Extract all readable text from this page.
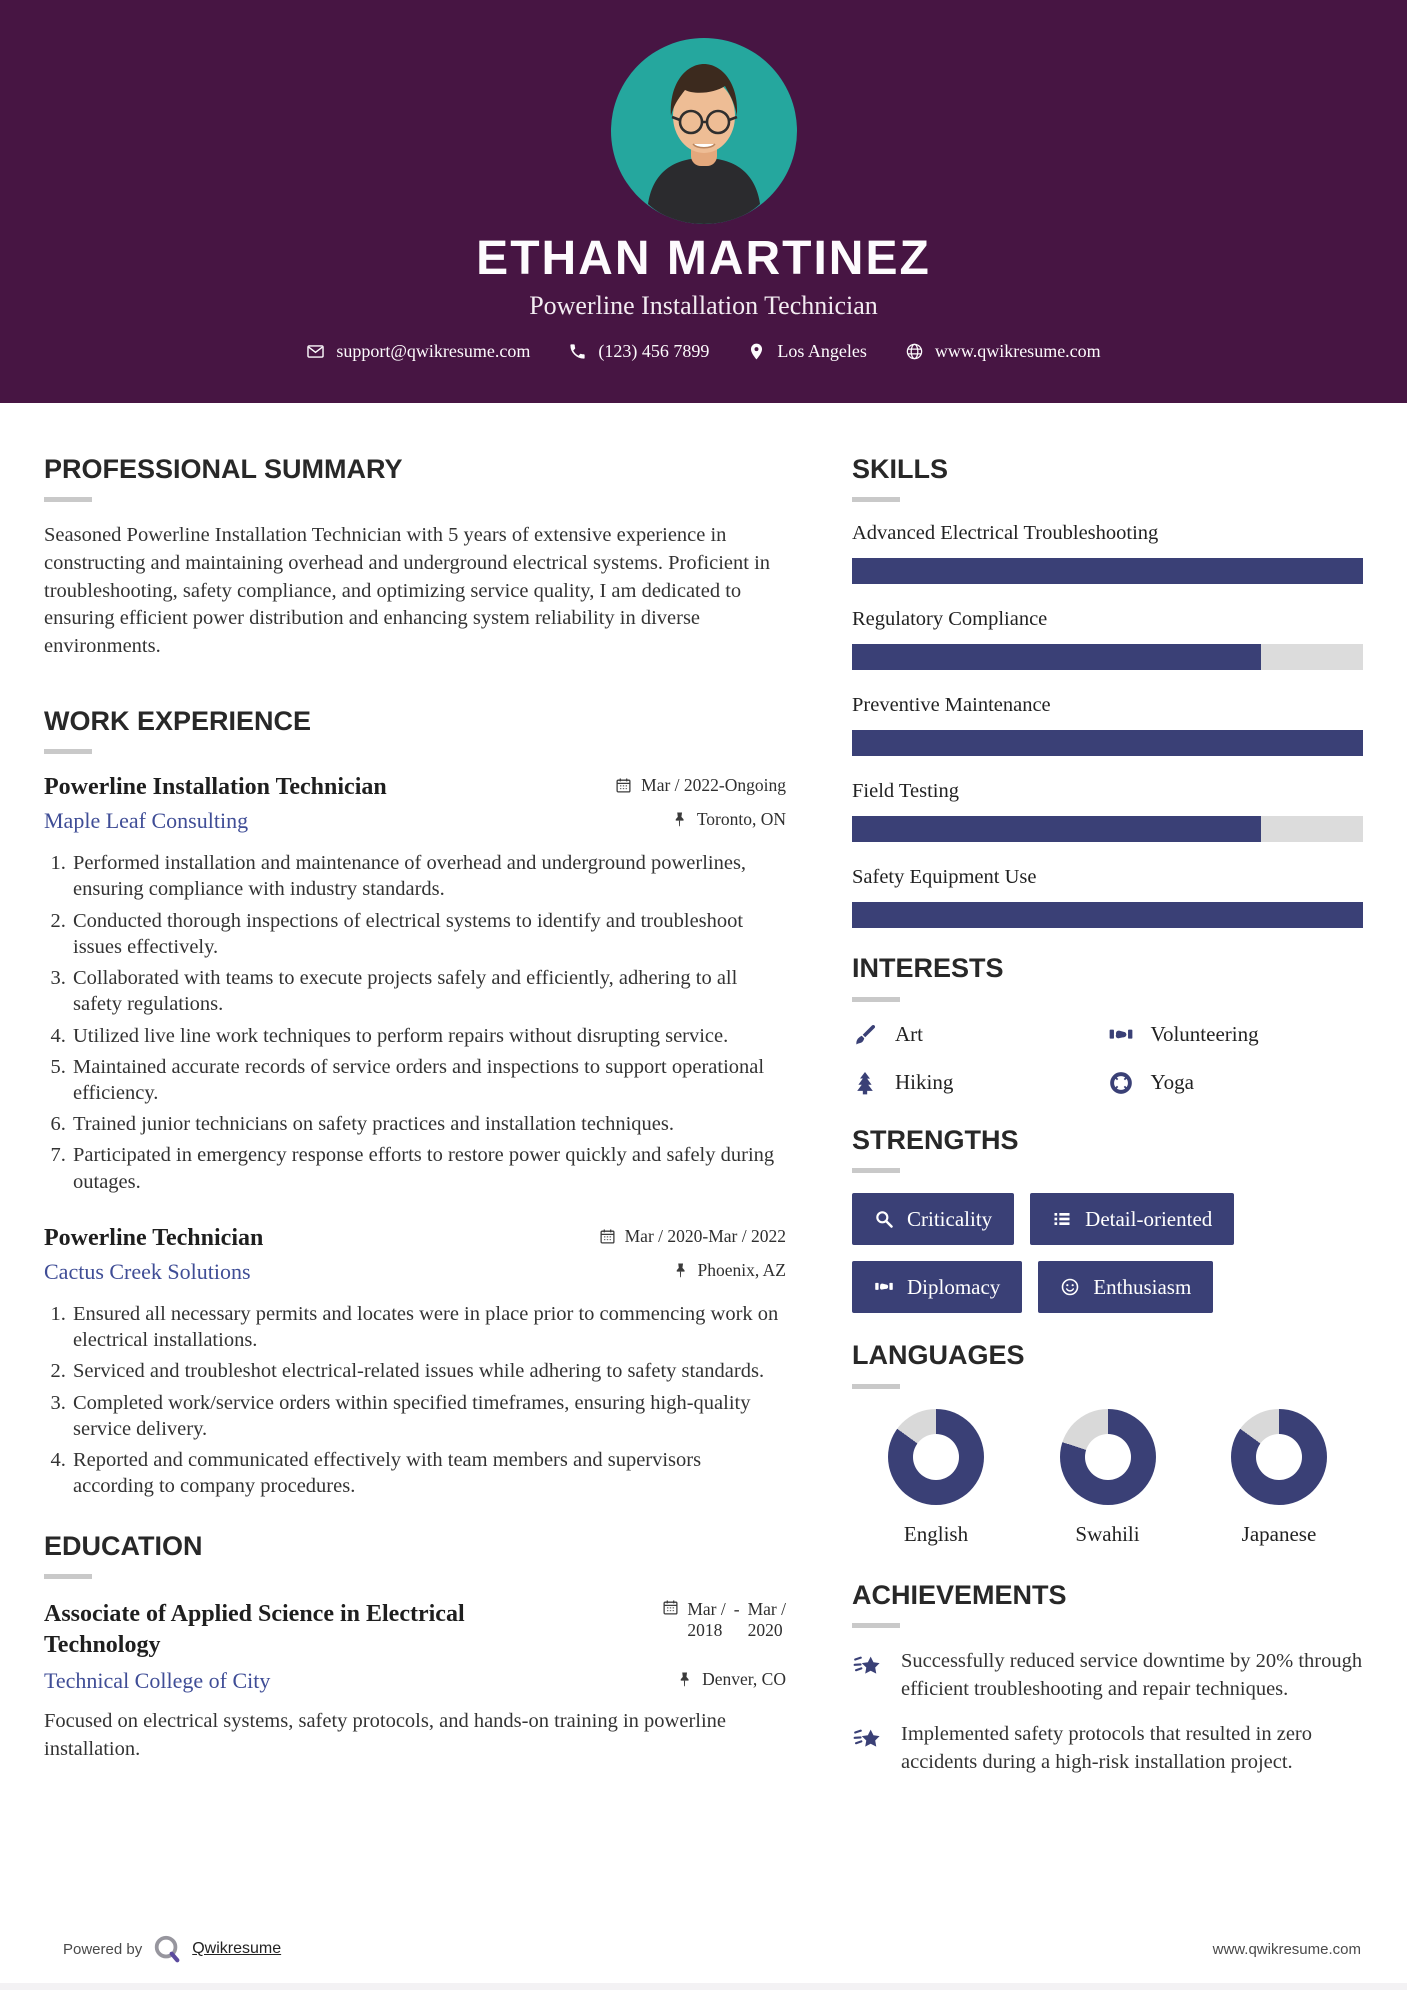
ETHAN MARTINEZ
Powerline Installation Technician
support@qwikresume.com	(123) 456 7899	Los Angeles	www.qwikresume.com
PROFESSIONAL SUMMARY

Seasoned Powerline Installation Technician with 5 years of extensive experience in constructing and maintaining overhead and underground electrical systems. Proficient in troubleshooting, safety compliance, and optimizing service quality, I am dedicated to ensuring efficient power distribution and enhancing system reliability in diverse environments.

WORK EXPERIENCE
Powerline Installation Technician	Mar / 2022-Ongoing
Maple Leaf Consulting	Toronto, ON
1. Performed installation and maintenance of overhead and underground powerlines, ensuring compliance with industry standards.
2. Conducted thorough inspections of electrical systems to identify and troubleshoot issues effectively.
3. Collaborated with teams to execute projects safely and efficiently, adhering to all safety regulations.
4. Utilized live line work techniques to perform repairs without disrupting service.
5. Maintained accurate records of service orders and inspections to support operational efficiency.
6. Trained junior technicians on safety practices and installation techniques.
7. Participated in emergency response efforts to restore power quickly and safely during outages.
Powerline Technician	Mar / 2020-Mar / 2022
Cactus Creek Solutions	Phoenix, AZ
1. Ensured all necessary permits and locates were in place prior to commencing work on electrical installations.
2. Serviced and troubleshot electrical-related issues while adhering to safety standards.
3. Completed work/service orders within specified timeframes, ensuring high-quality service delivery.
4. Reported and communicated effectively with team members and supervisors according to company procedures.
EDUCATION
Associate of Applied Science in Electrical Technology
Mar /
2018
- Mar /
2020
Technical College of City	Denver, CO

Focused on electrical systems, safety protocols, and hands-on training in powerline installation.

SKILLS
Advanced Electrical Troubleshooting
Regulatory Compliance
Preventive Maintenance
Field Testing
Safety Equipment Use
INTERESTS
Art	Volunteering
Hiking	Yoga
STRENGTHS
Criticality	Detail-oriented
Diplomacy	Enthusiasm
LANGUAGES
English	Swahili	Japanese
ACHIEVEMENTS
Successfully reduced service downtime by 20% through efficient troubleshooting and repair techniques.
Implemented safety protocols that resulted in zero accidents during a high-risk installation project.
Powered by	Qwikresume	www.qwikresume.com
